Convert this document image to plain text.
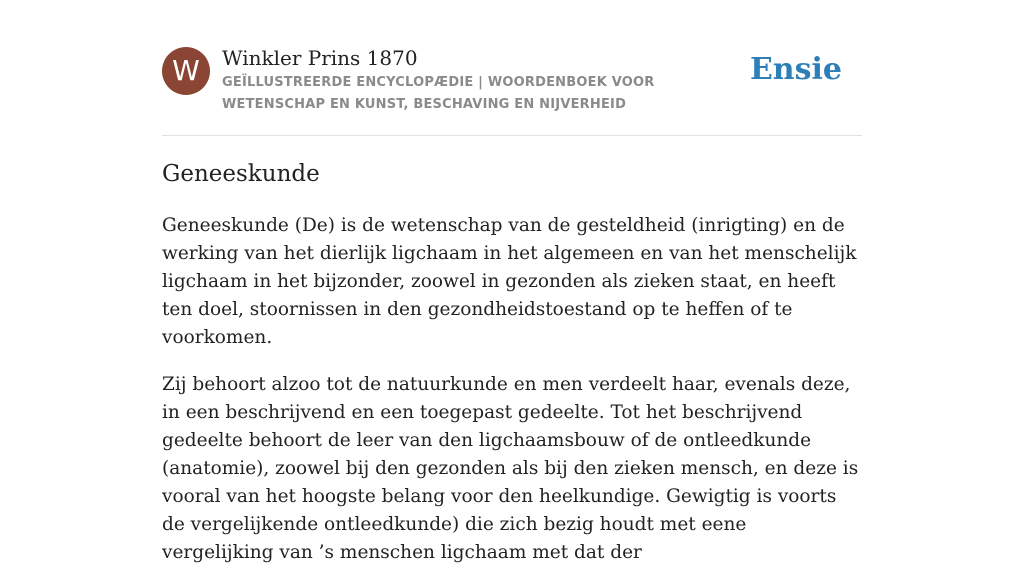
W	Winkler Prins 1870
GEÏLLUSTREERDE ENCYCLOPÆDIE | WOORDENBOEK VOOR WETENSCHAP EN KUNST, BESCHAVING EN NIJVERHEID
Ensie
Geneeskunde

Geneeskunde (De) is de wetenschap van de gesteldheid (inrigting) en de werking van het dierlijk ligchaam in het algemeen en van het menschelijk ligchaam in het bijzonder, zoowel in gezonden als zieken staat, en heeft ten doel, stoornissen in den gezondheidstoestand op te heffen of te voorkomen.

Zij behoort alzoo tot de natuurkunde en men verdeelt haar, evenals deze, in een beschrijvend en een toegepast gedeelte. Tot het beschrijvend gedeelte behoort de leer van den ligchaamsbouw of de ontleedkunde (anatomie), zoowel bij den gezonden als bij den zieken mensch, en deze is vooral van het hoogste belang voor den heelkundige. Gewigtig is voorts de vergelijkende ontleedkunde) die zich bezig houdt met eene vergelijking van ’s menschen ligchaam met dat der
